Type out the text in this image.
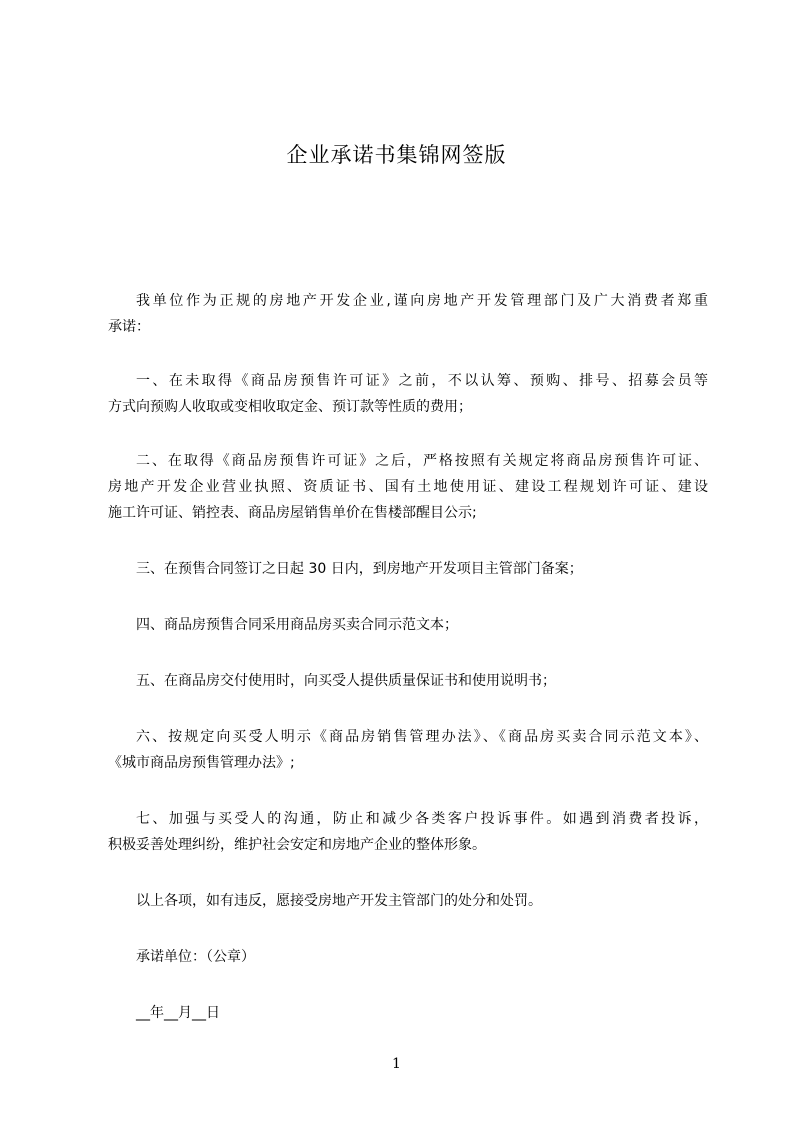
企业承诺书集锦网签版

我单位作为正规的房地产开发企业,谨向房地产开发管理部门及广大消费者郑重
承诺：

一、在未取得《商品房预售许可证》之前，不以认筹、预购、排号、招募会员等
方式向预购人收取或变相收取定金、预订款等性质的费用；

二、在取得《商品房预售许可证》之后，严格按照有关规定将商品房预售许可证、
房地产开发企业营业执照、资质证书、国有土地使用证、建设工程规划许可证、建设
施工许可证、销控表、商品房屋销售单价在售楼部醒目公示;

三、在预售合同签订之日起 30 日内，到房地产开发项目主管部门备案；

四、商品房预售合同采用商品房买卖合同示范文本；

五、在商品房交付使用时，向买受人提供质量保证书和使用说明书；

六、按规定向买受人明示《商品房销售管理办法》、《商品房买卖合同示范文本》、
《城市商品房预售管理办法》;

七、加强与买受人的沟通，防止和减少各类客户投诉事件。如遇到消费者投诉，
积极妥善处理纠纷，维护社会安定和房地产企业的整体形象。

以上各项，如有违反，愿接受房地产开发主管部门的处分和处罚。

承诺单位：（公章）

__年__月__日

1
